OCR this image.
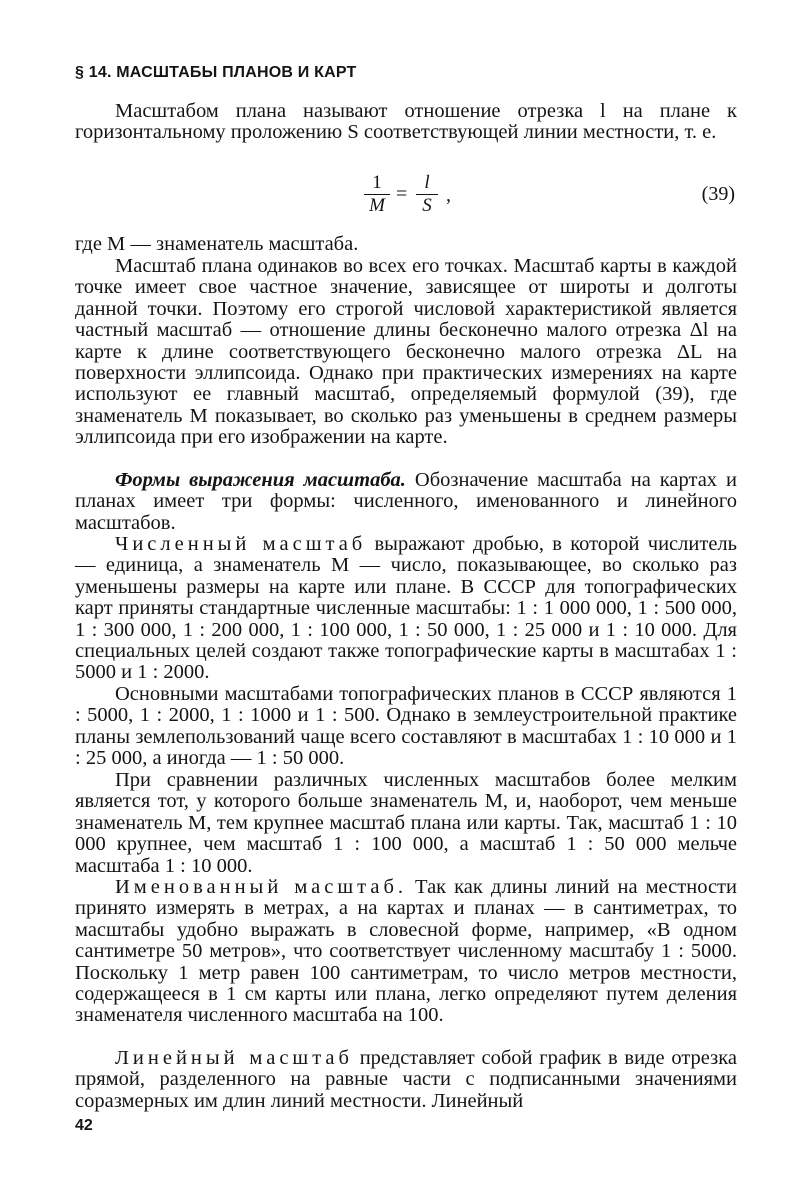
§ 14. МАСШТАБЫ ПЛАНОВ И КАРТ

Масштабом плана называют отношение отрезка l на плане к горизонтальному проложению S соответствующей линии местности, т. е.

1
M
=
l
S ,	(39)

где M — знаменатель масштаба.

Масштаб плана одинаков во всех его точках. Масштаб карты в каждой точке имеет свое частное значение, зависящее от широты и долготы данной точки. Поэтому его строгой числовой характеристикой является частный масштаб — отношение длины бесконечно малого отрезка Δl на карте к длине соответствующего бесконечно малого отрезка ΔL на поверхности эллипсоида. Однако при практических измерениях на карте используют ее главный масштаб, определяемый формулой (39), где знаменатель M показывает, во сколько раз уменьшены в среднем размеры эллипсоида при его изображении на карте.

Формы выражения масштаба. Обозначение масштаба на картах и планах имеет три формы: численного, именованного и линейного масштабов.

Численный масштаб выражают дробью, в которой числитель — единица, а знаменатель M — число, показывающее, во сколько раз уменьшены размеры на карте или плане. В СССР для топографических карт приняты стандартные численные масштабы: 1 : 1 000 000, 1 : 500 000, 1 : 300 000, 1 : 200 000, 1 : 100 000, 1 : 50 000, 1 : 25 000 и 1 : 10 000. Для специальных целей создают также топографические карты в масштабах 1 : 5000 и 1 : 2000.

Основными масштабами топографических планов в СССР являются 1 : 5000, 1 : 2000, 1 : 1000 и 1 : 500. Однако в землеустроительной практике планы землепользований чаще всего составляют в масштабах 1 : 10 000 и 1 : 25 000, а иногда — 1 : 50 000.

При сравнении различных численных масштабов более мелким является тот, у которого больше знаменатель M, и, наоборот, чем меньше знаменатель M, тем крупнее масштаб плана или карты. Так, масштаб 1 : 10 000 крупнее, чем масштаб 1 : 100 000, а масштаб 1 : 50 000 мельче масштаба 1 : 10 000.

Именованный масштаб. Так как длины линий на местности принято измерять в метрах, а на картах и планах — в сантиметрах, то масштабы удобно выражать в словесной форме, например, «В одном сантиметре 50 метров», что соответствует численному масштабу 1 : 5000. Поскольку 1 метр равен 100 сантиметрам, то число метров местности, содержащееся в 1 см карты или плана, легко определяют путем деления знаменателя численного масштаба на 100.

Линейный масштаб представляет собой график в виде отрезка прямой, разделенного на равные части с подписанными значениями соразмерных им длин линий местности. Линейный

42
